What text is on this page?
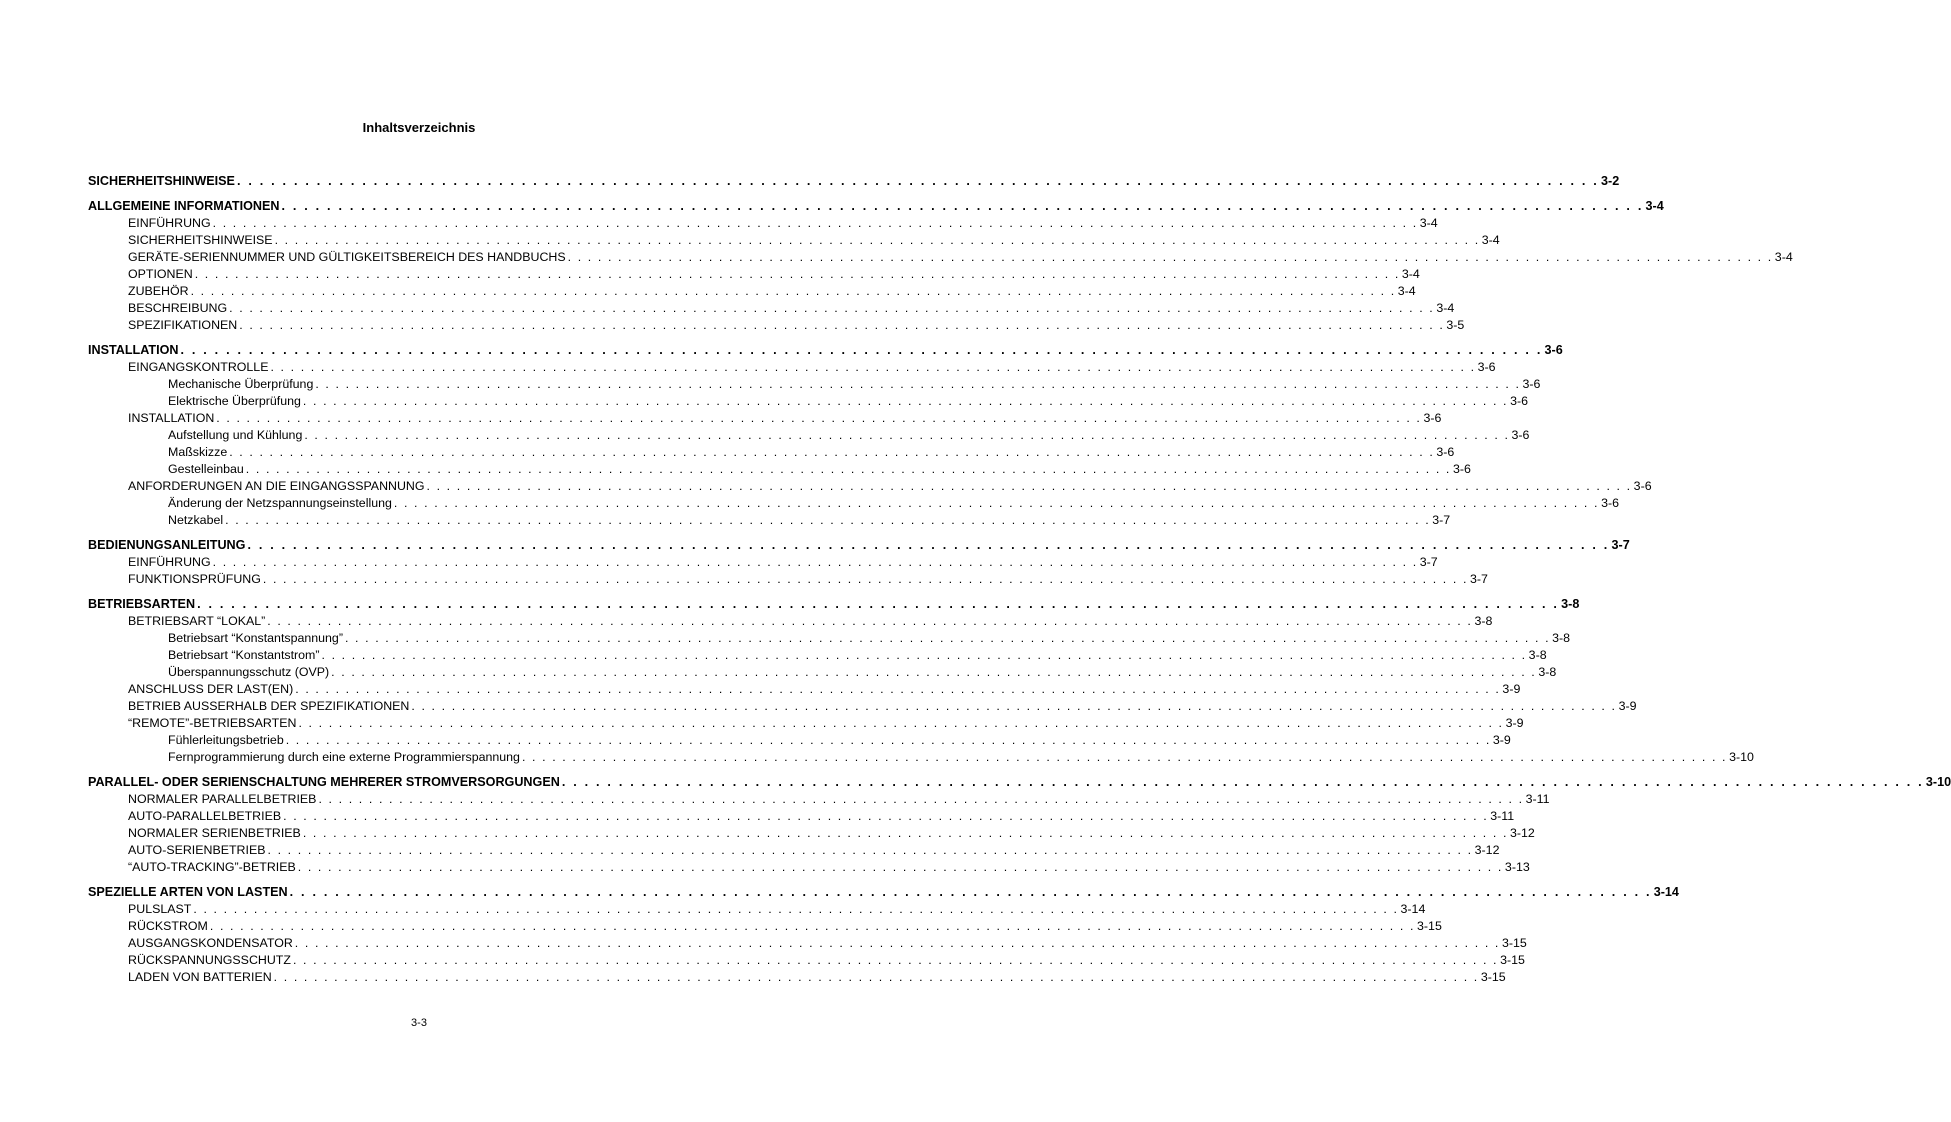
Inhaltsverzeichnis
SICHERHEITSHINWEISE . . . . . . . . . . . . . . . . . . . . . . . . . . . . . . . . . . . . . . . . . . . . . . . . . . . . . . . . . . . . . . . . . . . . . . . . . . . . . . . . . . . . . . . . . . . . . . . . . . . . . . . . . . . . . . . . . . . . . . . . 3-2
ALLGEMEINE INFORMATIONEN . . . . . . . . . . . . . . . . . . . . . . . . . . . . . . . . . . . . . . . . . . . . . . . . . . . . . . . . . . . . . . . . . . . . . . . . . . . . . . . . . . . . . . . . . . . . . . . . . . . . . . . . . . . . . . . . . . . . . . . . 3-4
EINFÜHRUNG . . . . . . . . . . . . . . . . . . . . . . . . . . . . . . . . . . . . . . . . . . . . . . . . . . . . . . . . . . . . . . . . . . . . . . . . . . . . . . . . . . . . . . . . . . . . . . . . . . . . . . . . . . . . . . . . . . . . . . . . 3-4
SICHERHEITSHINWEISE . . . . . . . . . . . . . . . . . . . . . . . . . . . . . . . . . . . . . . . . . . . . . . . . . . . . . . . . . . . . . . . . . . . . . . . . . . . . . . . . . . . . . . . . . . . . . . . . . . . . . . . . . . . . . . . . . . . . . . . . 3-4
GERÄTE-SERIENNUMMER UND GÜLTIGKEITSBEREICH DES HANDBUCHS . . . . . . . . . . . . . . . . . . . . . . . . . . . . . . . . . . . . . . . . . . . . . . . . . . . . . . . . . . . . . . . . . . . . . . . . . . . . . . . . . . . . . . . . . . . . . . . . . . . . . . . . . . . . . . . . . . . . . . . . 3-4
OPTIONEN . . . . . . . . . . . . . . . . . . . . . . . . . . . . . . . . . . . . . . . . . . . . . . . . . . . . . . . . . . . . . . . . . . . . . . . . . . . . . . . . . . . . . . . . . . . . . . . . . . . . . . . . . . . . . . . . . . . . . . . . 3-4
ZUBEHÖR . . . . . . . . . . . . . . . . . . . . . . . . . . . . . . . . . . . . . . . . . . . . . . . . . . . . . . . . . . . . . . . . . . . . . . . . . . . . . . . . . . . . . . . . . . . . . . . . . . . . . . . . . . . . . . . . . . . . . . . . 3-4
BESCHREIBUNG . . . . . . . . . . . . . . . . . . . . . . . . . . . . . . . . . . . . . . . . . . . . . . . . . . . . . . . . . . . . . . . . . . . . . . . . . . . . . . . . . . . . . . . . . . . . . . . . . . . . . . . . . . . . . . . . . . . . . . . . 3-4
SPEZIFIKATIONEN . . . . . . . . . . . . . . . . . . . . . . . . . . . . . . . . . . . . . . . . . . . . . . . . . . . . . . . . . . . . . . . . . . . . . . . . . . . . . . . . . . . . . . . . . . . . . . . . . . . . . . . . . . . . . . . . . . . . . . . . 3-5
INSTALLATION . . . . . . . . . . . . . . . . . . . . . . . . . . . . . . . . . . . . . . . . . . . . . . . . . . . . . . . . . . . . . . . . . . . . . . . . . . . . . . . . . . . . . . . . . . . . . . . . . . . . . . . . . . . . . . . . . . . . . . . . 3-6
EINGANGSKONTROLLE . . . . . . . . . . . . . . . . . . . . . . . . . . . . . . . . . . . . . . . . . . . . . . . . . . . . . . . . . . . . . . . . . . . . . . . . . . . . . . . . . . . . . . . . . . . . . . . . . . . . . . . . . . . . . . . . . . . . . . . . 3-6
Mechanische Überprüfung . . . . . . . . . . . . . . . . . . . . . . . . . . . . . . . . . . . . . . . . . . . . . . . . . . . . . . . . . . . . . . . . . . . . . . . . . . . . . . . . . . . . . . . . . . . . . . . . . . . . . . . . . . . . . . . . . . . . . . . . 3-6
Elektrische Überprüfung . . . . . . . . . . . . . . . . . . . . . . . . . . . . . . . . . . . . . . . . . . . . . . . . . . . . . . . . . . . . . . . . . . . . . . . . . . . . . . . . . . . . . . . . . . . . . . . . . . . . . . . . . . . . . . . . . . . . . . . . 3-6
INSTALLATION . . . . . . . . . . . . . . . . . . . . . . . . . . . . . . . . . . . . . . . . . . . . . . . . . . . . . . . . . . . . . . . . . . . . . . . . . . . . . . . . . . . . . . . . . . . . . . . . . . . . . . . . . . . . . . . . . . . . . . . . 3-6
Aufstellung und Kühlung . . . . . . . . . . . . . . . . . . . . . . . . . . . . . . . . . . . . . . . . . . . . . . . . . . . . . . . . . . . . . . . . . . . . . . . . . . . . . . . . . . . . . . . . . . . . . . . . . . . . . . . . . . . . . . . . . . . . . . . . 3-6
Maßskizze . . . . . . . . . . . . . . . . . . . . . . . . . . . . . . . . . . . . . . . . . . . . . . . . . . . . . . . . . . . . . . . . . . . . . . . . . . . . . . . . . . . . . . . . . . . . . . . . . . . . . . . . . . . . . . . . . . . . . . . . 3-6
Gestelleinbau . . . . . . . . . . . . . . . . . . . . . . . . . . . . . . . . . . . . . . . . . . . . . . . . . . . . . . . . . . . . . . . . . . . . . . . . . . . . . . . . . . . . . . . . . . . . . . . . . . . . . . . . . . . . . . . . . . . . . . . . 3-6
ANFORDERUNGEN AN DIE EINGANGSSPANNUNG . . . . . . . . . . . . . . . . . . . . . . . . . . . . . . . . . . . . . . . . . . . . . . . . . . . . . . . . . . . . . . . . . . . . . . . . . . . . . . . . . . . . . . . . . . . . . . . . . . . . . . . . . . . . . . . . . . . . . . . . 3-6
Änderung der Netzspannungseinstellung . . . . . . . . . . . . . . . . . . . . . . . . . . . . . . . . . . . . . . . . . . . . . . . . . . . . . . . . . . . . . . . . . . . . . . . . . . . . . . . . . . . . . . . . . . . . . . . . . . . . . . . . . . . . . . . . . . . . . . . . 3-6
Netzkabel . . . . . . . . . . . . . . . . . . . . . . . . . . . . . . . . . . . . . . . . . . . . . . . . . . . . . . . . . . . . . . . . . . . . . . . . . . . . . . . . . . . . . . . . . . . . . . . . . . . . . . . . . . . . . . . . . . . . . . . . 3-7
BEDIENUNGSANLEITUNG . . . . . . . . . . . . . . . . . . . . . . . . . . . . . . . . . . . . . . . . . . . . . . . . . . . . . . . . . . . . . . . . . . . . . . . . . . . . . . . . . . . . . . . . . . . . . . . . . . . . . . . . . . . . . . . . . . . . . . . . 3-7
EINFÜHRUNG . . . . . . . . . . . . . . . . . . . . . . . . . . . . . . . . . . . . . . . . . . . . . . . . . . . . . . . . . . . . . . . . . . . . . . . . . . . . . . . . . . . . . . . . . . . . . . . . . . . . . . . . . . . . . . . . . . . . . . . . 3-7
FUNKTIONSPRÜFUNG . . . . . . . . . . . . . . . . . . . . . . . . . . . . . . . . . . . . . . . . . . . . . . . . . . . . . . . . . . . . . . . . . . . . . . . . . . . . . . . . . . . . . . . . . . . . . . . . . . . . . . . . . . . . . . . . . . . . . . . . 3-7
BETRIEBSARTEN . . . . . . . . . . . . . . . . . . . . . . . . . . . . . . . . . . . . . . . . . . . . . . . . . . . . . . . . . . . . . . . . . . . . . . . . . . . . . . . . . . . . . . . . . . . . . . . . . . . . . . . . . . . . . . . . . . . . . . . . 3-8
BETRIEBSART “LOKAL” . . . . . . . . . . . . . . . . . . . . . . . . . . . . . . . . . . . . . . . . . . . . . . . . . . . . . . . . . . . . . . . . . . . . . . . . . . . . . . . . . . . . . . . . . . . . . . . . . . . . . . . . . . . . . . . . . . . . . . . . 3-8
Betriebsart “Konstantspannung” . . . . . . . . . . . . . . . . . . . . . . . . . . . . . . . . . . . . . . . . . . . . . . . . . . . . . . . . . . . . . . . . . . . . . . . . . . . . . . . . . . . . . . . . . . . . . . . . . . . . . . . . . . . . . . . . . . . . . . . . 3-8
Betriebsart “Konstantstrom” . . . . . . . . . . . . . . . . . . . . . . . . . . . . . . . . . . . . . . . . . . . . . . . . . . . . . . . . . . . . . . . . . . . . . . . . . . . . . . . . . . . . . . . . . . . . . . . . . . . . . . . . . . . . . . . . . . . . . . . . 3-8
Überspannungsschutz (OVP) . . . . . . . . . . . . . . . . . . . . . . . . . . . . . . . . . . . . . . . . . . . . . . . . . . . . . . . . . . . . . . . . . . . . . . . . . . . . . . . . . . . . . . . . . . . . . . . . . . . . . . . . . . . . . . . . . . . . . . . . 3-8
ANSCHLUSS DER LAST(EN) . . . . . . . . . . . . . . . . . . . . . . . . . . . . . . . . . . . . . . . . . . . . . . . . . . . . . . . . . . . . . . . . . . . . . . . . . . . . . . . . . . . . . . . . . . . . . . . . . . . . . . . . . . . . . . . . . . . . . . . . 3-9
BETRIEB AUSSERHALB DER SPEZIFIKATIONEN . . . . . . . . . . . . . . . . . . . . . . . . . . . . . . . . . . . . . . . . . . . . . . . . . . . . . . . . . . . . . . . . . . . . . . . . . . . . . . . . . . . . . . . . . . . . . . . . . . . . . . . . . . . . . . . . . . . . . . . . 3-9
“REMOTE”-BETRIEBSARTEN . . . . . . . . . . . . . . . . . . . . . . . . . . . . . . . . . . . . . . . . . . . . . . . . . . . . . . . . . . . . . . . . . . . . . . . . . . . . . . . . . . . . . . . . . . . . . . . . . . . . . . . . . . . . . . . . . . . . . . . . 3-9
Fühlerleitungsbetrieb . . . . . . . . . . . . . . . . . . . . . . . . . . . . . . . . . . . . . . . . . . . . . . . . . . . . . . . . . . . . . . . . . . . . . . . . . . . . . . . . . . . . . . . . . . . . . . . . . . . . . . . . . . . . . . . . . . . . . . . . 3-9
Fernprogrammierung durch eine externe Programmierspannung . . . . . . . . . . . . . . . . . . . . . . . . . . . . . . . . . . . . . . . . . . . . . . . . . . . . . . . . . . . . . . . . . . . . . . . . . . . . . . . . . . . . . . . . . . . . . . . . . . . . . . . . . . . . . . . . . . . . . . . . 3-10
PARALLEL- ODER SERIENSCHALTUNG MEHRERER STROMVERSORGUNGEN . . . . . . . . . . . . . . . . . . . . . . . . . . . . . . . . . . . . . . . . . . . . . . . . . . . . . . . . . . . . . . . . . . . . . . . . . . . . . . . . . . . . . . . . . . . . . . . . . . . . . . . . . . . . . . . . . . . . . . . . 3-10
NORMALER PARALLELBETRIEB . . . . . . . . . . . . . . . . . . . . . . . . . . . . . . . . . . . . . . . . . . . . . . . . . . . . . . . . . . . . . . . . . . . . . . . . . . . . . . . . . . . . . . . . . . . . . . . . . . . . . . . . . . . . . . . . . . . . . . . . 3-11
AUTO-PARALLELBETRIEB . . . . . . . . . . . . . . . . . . . . . . . . . . . . . . . . . . . . . . . . . . . . . . . . . . . . . . . . . . . . . . . . . . . . . . . . . . . . . . . . . . . . . . . . . . . . . . . . . . . . . . . . . . . . . . . . . . . . . . . . 3-11
NORMALER SERIENBETRIEB . . . . . . . . . . . . . . . . . . . . . . . . . . . . . . . . . . . . . . . . . . . . . . . . . . . . . . . . . . . . . . . . . . . . . . . . . . . . . . . . . . . . . . . . . . . . . . . . . . . . . . . . . . . . . . . . . . . . . . . . 3-12
AUTO-SERIENBETRIEB . . . . . . . . . . . . . . . . . . . . . . . . . . . . . . . . . . . . . . . . . . . . . . . . . . . . . . . . . . . . . . . . . . . . . . . . . . . . . . . . . . . . . . . . . . . . . . . . . . . . . . . . . . . . . . . . . . . . . . . . 3-12
“AUTO-TRACKING”-BETRIEB . . . . . . . . . . . . . . . . . . . . . . . . . . . . . . . . . . . . . . . . . . . . . . . . . . . . . . . . . . . . . . . . . . . . . . . . . . . . . . . . . . . . . . . . . . . . . . . . . . . . . . . . . . . . . . . . . . . . . . . . 3-13
SPEZIELLE ARTEN VON LASTEN . . . . . . . . . . . . . . . . . . . . . . . . . . . . . . . . . . . . . . . . . . . . . . . . . . . . . . . . . . . . . . . . . . . . . . . . . . . . . . . . . . . . . . . . . . . . . . . . . . . . . . . . . . . . . . . . . . . . . . . . 3-14
PULSLAST . . . . . . . . . . . . . . . . . . . . . . . . . . . . . . . . . . . . . . . . . . . . . . . . . . . . . . . . . . . . . . . . . . . . . . . . . . . . . . . . . . . . . . . . . . . . . . . . . . . . . . . . . . . . . . . . . . . . . . . . 3-14
RÜCKSTROM . . . . . . . . . . . . . . . . . . . . . . . . . . . . . . . . . . . . . . . . . . . . . . . . . . . . . . . . . . . . . . . . . . . . . . . . . . . . . . . . . . . . . . . . . . . . . . . . . . . . . . . . . . . . . . . . . . . . . . . . 3-15
AUSGANGSKONDENSATOR . . . . . . . . . . . . . . . . . . . . . . . . . . . . . . . . . . . . . . . . . . . . . . . . . . . . . . . . . . . . . . . . . . . . . . . . . . . . . . . . . . . . . . . . . . . . . . . . . . . . . . . . . . . . . . . . . . . . . . . . 3-15
RÜCKSPANNUNGSSCHUTZ . . . . . . . . . . . . . . . . . . . . . . . . . . . . . . . . . . . . . . . . . . . . . . . . . . . . . . . . . . . . . . . . . . . . . . . . . . . . . . . . . . . . . . . . . . . . . . . . . . . . . . . . . . . . . . . . . . . . . . . . 3-15
LADEN VON BATTERIEN . . . . . . . . . . . . . . . . . . . . . . . . . . . . . . . . . . . . . . . . . . . . . . . . . . . . . . . . . . . . . . . . . . . . . . . . . . . . . . . . . . . . . . . . . . . . . . . . . . . . . . . . . . . . . . . . . . . . . . . . 3-15
3-3
